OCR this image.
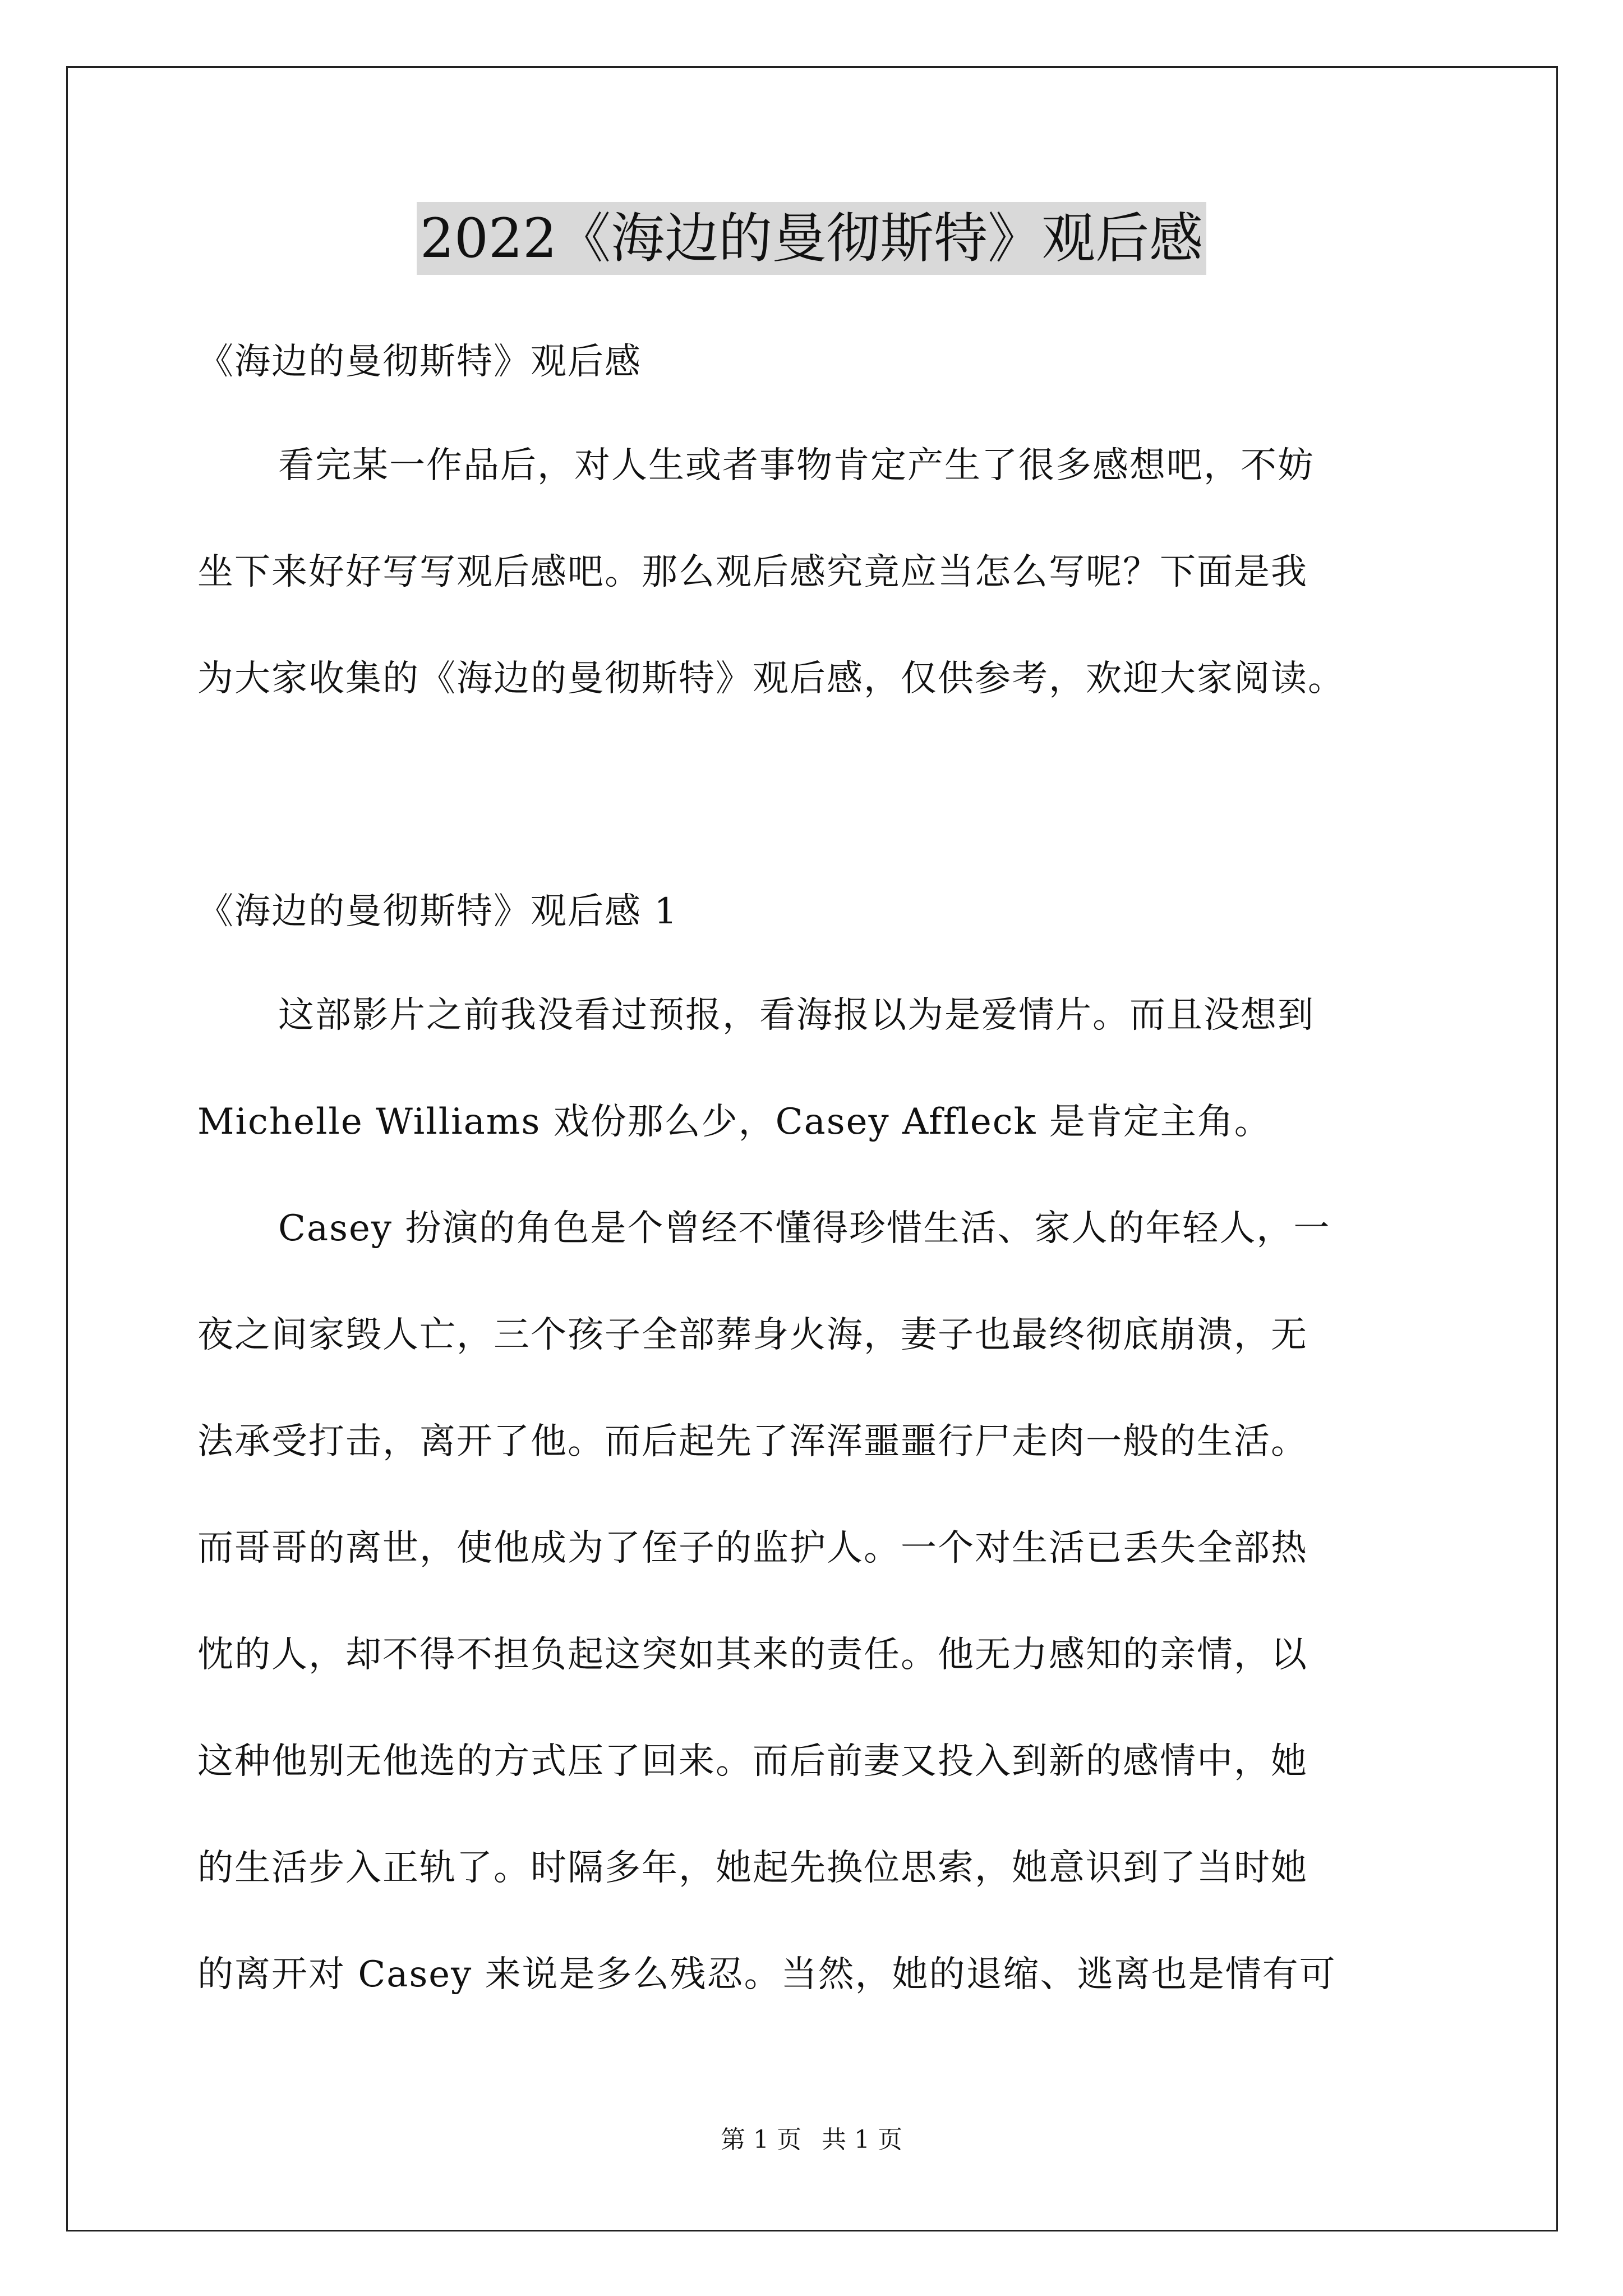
2022《海边的曼彻斯特》观后感
《海边的曼彻斯特》观后感
看完某一作品后，对人生或者事物肯定产生了很多感想吧，不妨
坐下来好好写写观后感吧。那么观后感究竟应当怎么写呢？下面是我
为大家收集的《海边的曼彻斯特》观后感，仅供参考，欢迎大家阅读。
《海边的曼彻斯特》观后感 1
这部影片之前我没看过预报，看海报以为是爱情片。而且没想到
Michelle Williams 戏份那么少，Casey Affleck 是肯定主角。
Casey 扮演的角色是个曾经不懂得珍惜生活、家人的年轻人，一
夜之间家毁人亡，三个孩子全部葬身火海，妻子也最终彻底崩溃，无
法承受打击，离开了他。而后起先了浑浑噩噩行尸走肉一般的生活。
而哥哥的离世，使他成为了侄子的监护人。一个对生活已丢失全部热
忱的人，却不得不担负起这突如其来的责任。他无力感知的亲情，以
这种他别无他选的方式压了回来。而后前妻又投入到新的感情中，她
的生活步入正轨了。时隔多年，她起先换位思索，她意识到了当时她
的离开对 Casey 来说是多么残忍。当然，她的退缩、逃离也是情有可
第 1 页 共 1 页
